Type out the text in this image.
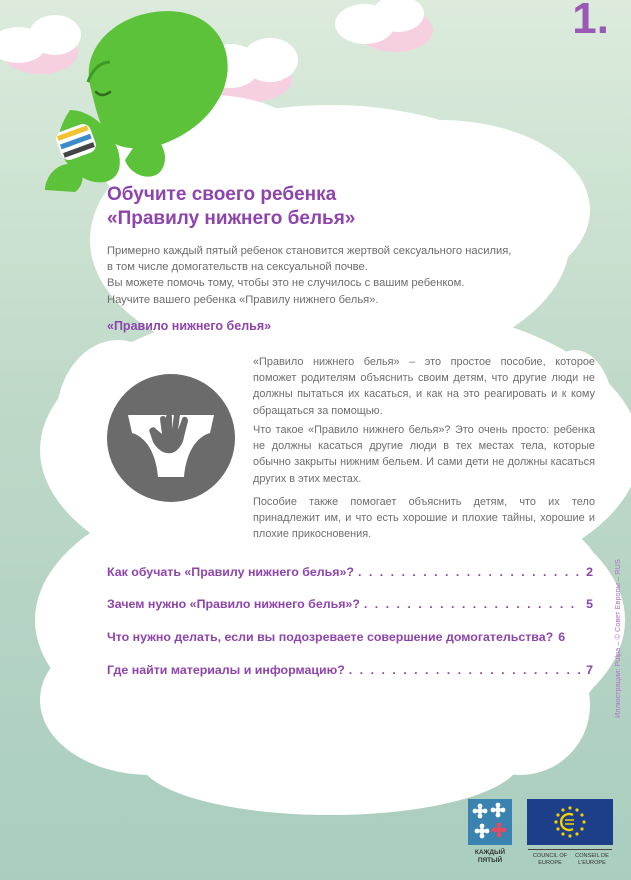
1.
Обучите своего ребенка
«Правилу нижнего белья»

Примерно каждый пятый ребенок становится жертвой сексуального насилия,
в том числе домогательств на сексуальной почве.
Вы можете помочь тому, чтобы это не случилось с вашим ребенком.
Научите вашего ребенка «Правилу нижнего белья».

«Правило нижнего белья»

«Правило нижнего белья» – это простое пособие, которое поможет родителям объяснить своим детям, что другие люди не должны пытаться их касаться, и как на это реагировать и к кому обращаться за помощью.

Что такое «Правило нижнего белья»? Это очень просто: ребенка не должны касаться другие люди в тех местах тела, которые обычно закрыты нижним бельем. И сами дети не должны касаться других в этих местах.

Пособие также помогает объяснить детям, что их тело принадлежит им, и что есть хорошие и плохие тайны, хорошие и плохие прикосновения.

Как обучать «Правилу нижнего белья»? . . .	2
Зачем нужно «Правило нижнего белья»? . . .	5
Что нужно делать, если вы подозреваете совершение домогательства? 6
Где найти материалы и информацию? . . .	7	Иллюстрации: Pulpa – © Совет Европы – RUS
КАЖДЫЙ ПЯТЫЙ
COUNCIL OF EUROPE
CONSEIL DE L'EUROPE
